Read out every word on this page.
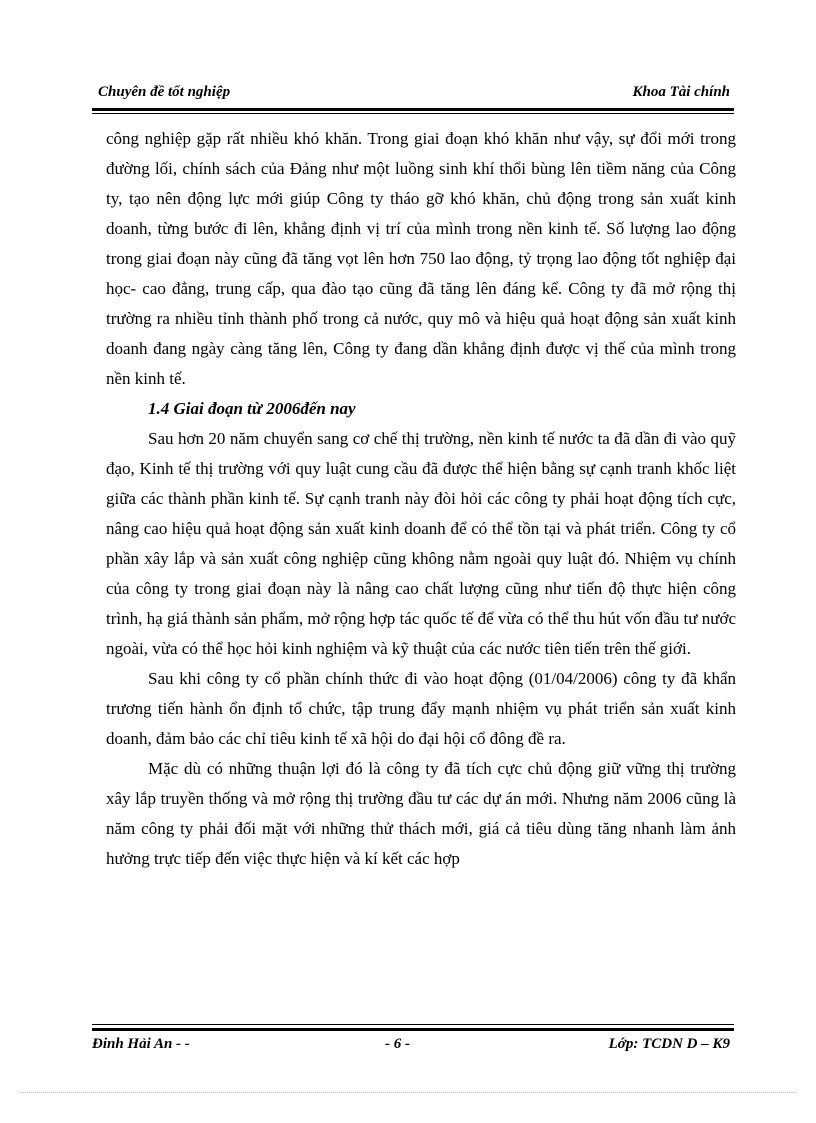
Chuyên đề tốt nghiệp	Khoa Tài chính

công nghiệp gặp rất nhiều khó khăn. Trong giai đoạn khó khăn như vậy, sự đổi mới trong đường lối, chính sách của Đảng như một luồng sinh khí thổi bùng lên tiềm năng của Công ty, tạo nên động lực mới giúp Công ty tháo gỡ khó khăn, chủ động trong sản xuất kinh doanh, từng bước đi lên, khẳng định vị trí của mình trong nền kinh tế. Số lượng lao động trong giai đoạn này cũng đã tăng vọt lên hơn 750 lao động, tỷ trọng lao động tốt nghiệp đại học- cao đẳng, trung cấp, qua đào tạo cũng đã tăng lên đáng kể. Công ty đã mở rộng thị trường ra nhiều tỉnh thành phố trong cả nước, quy mô và hiệu quả hoạt động sản xuất kinh doanh đang ngày càng tăng lên, Công ty đang dần khẳng định được vị thế của mình trong nền kinh tế.

1.4 Giai đoạn từ 2006đến nay

Sau hơn 20 năm chuyển sang cơ chế thị trường, nền kinh tế nước ta đã dần đi vào quỹ đạo, Kinh tế thị trường với quy luật cung cầu đã được thể hiện bằng sự cạnh tranh khốc liệt giữa các thành phần kinh tế. Sự cạnh tranh này đòi hỏi các công ty phải hoạt động tích cực, nâng cao hiệu quả hoạt động sản xuất kinh doanh để có thể tồn tại và phát triển. Công ty cổ phần xây lắp và sản xuất công nghiệp cũng không nằm ngoài quy luật đó. Nhiệm vụ chính của công ty trong giai đoạn này là nâng cao chất lượng cũng như tiến độ thực hiện công trình, hạ giá thành sản phẩm, mở rộng hợp tác quốc tế để vừa có thể thu hút vốn đầu tư nước ngoài, vừa có thể học hỏi kinh nghiệm và kỹ thuật của các nước tiên tiến trên thế giới.

Sau khi công ty cổ phần chính thức đi vào hoạt động (01/04/2006) công ty đã khẩn trương tiến hành ổn định tổ chức, tập trung đẩy mạnh nhiệm vụ phát triển sản xuất kinh doanh, đảm bảo các chỉ tiêu kinh tế xã hội do đại hội cổ đông đề ra.

Mặc dù có những thuận lợi đó là công ty đã tích cực chủ động giữ vững thị trường xây lắp truyền thống và mở rộng thị trường đầu tư các dự án mới. Nhưng năm 2006 cũng là năm công ty phải đối mặt với những thử thách mới, giá cả tiêu dùng tăng nhanh làm ảnh hưởng trực tiếp đến việc thực hiện và kí kết các hợp

Đinh Hải An - -	- 6 -	Lớp: TCDN D – K9
